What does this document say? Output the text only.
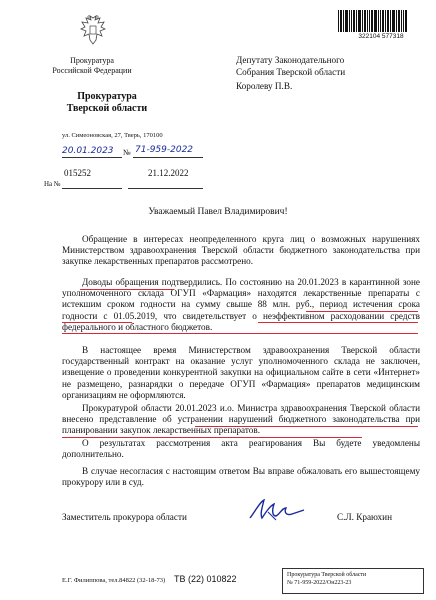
322104 577318
Прокуратура
Российской Федерации
Прокуратура
Тверской области
ул. Симеоновская, 27, Тверь, 170100
20.01.2023 № 71-959-2022
015252	21.12.2022
На №
Депутату Законодательного
Собрания Тверской области
Королеву П.В.
Уважаемый Павел Владимирович!
Обращение в интересах неопределенного круга лиц о возможных нарушениях Министерством здравоохранения Тверской области бюджетного законодательства при закупке лекарственных препаратов рассмотрено.
Доводы обращения подтвердились. По состоянию на 20.01.2023 в карантинной зоне уполномоченного склада ОГУП «Фармация» находятся лекарственные препараты с истекшим сроком годности на сумму свыше 88 млн. руб., период истечения срока годности с 01.05.2019, что свидетельствует о неэффективном расходовании средств федерального и областного бюджетов.
В настоящее время Министерством здравоохранения Тверской области государственный контракт на оказание услуг уполномоченного склада не заключен, извещение о проведении конкурентной закупки на официальном сайте в сети «Интернет» не размещено, разнарядки о передаче ОГУП «Фармация» препаратов медицинским организациям не оформляются.
Прокуратурой области 20.01.2023 и.о. Министра здравоохранения Тверской области внесено представление об устранении нарушений бюджетного законодательства при планировании закупок лекарственных препаратов.
О результатах рассмотрения акта реагирования Вы будете уведомлены дополнительно.
В случае несогласия с настоящим ответом Вы вправе обжаловать его вышестоящему прокурору или в суд.
Заместитель прокурора области	С.Л. Краюхин
Е.Г. Филиппова, тел.84822 (32-18-73) ТВ (22) 010822	Прокуратура Тверской области
№ 71-959-2022/Он223-23
